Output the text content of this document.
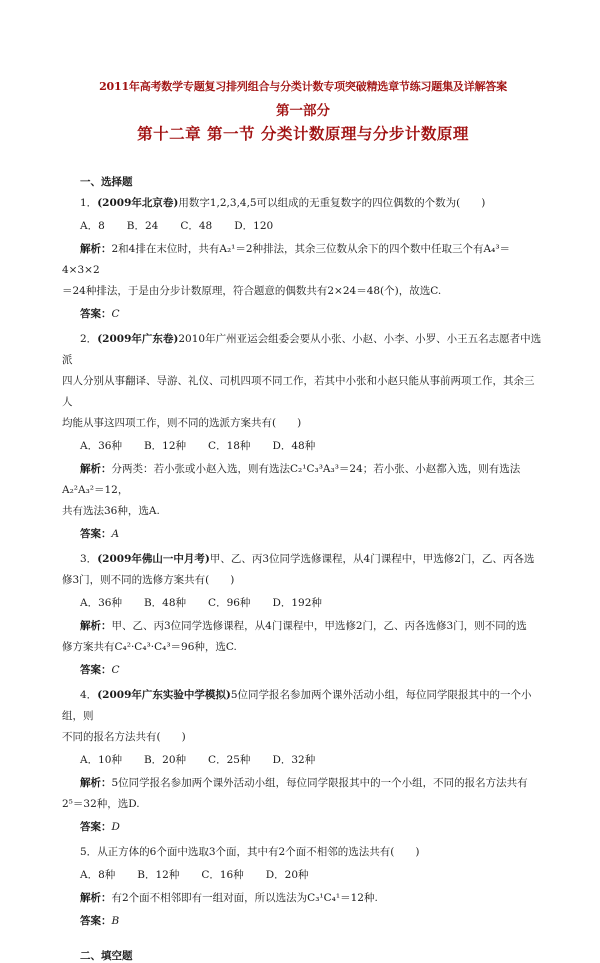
2011年高考数学专题复习排列组合与分类计数专项突破精选章节练习题集及详解答案

第一部分

第十二章 第一节 分类计数原理与分步计数原理

一、选择题

1．(2009年北京卷)用数字1,2,3,4,5可以组成的无重复数字的四位偶数的个数为(　　)

A．8 B．24 C．48 D．120

解析：2和4排在末位时，共有A₂¹＝2种排法，其余三位数从余下的四个数中任取三个有A₄³＝4×3×2

＝24种排法，于是由分步计数原理，符合题意的偶数共有2×24＝48(个)，故选C.

答案：C

2．(2009年广东卷)2010年广州亚运会组委会要从小张、小赵、小李、小罗、小王五名志愿者中选派

四人分别从事翻译、导游、礼仪、司机四项不同工作，若其中小张和小赵只能从事前两项工作，其余三人

均能从事这四项工作，则不同的选派方案共有(　　)

A．36种 B．12种 C．18种 D．48种

解析：分两类：若小张或小赵入选，则有选法C₂¹C₃³A₃³＝24；若小张、小赵都入选，则有选法A₂²A₃²＝12，

共有选法36种，选A.

答案：A

3．(2009年佛山一中月考)甲、乙、丙3位同学选修课程，从4门课程中，甲选修2门，乙、丙各选

修3门，则不同的选修方案共有(　　)

A．36种 B．48种 C．96种 D．192种

解析：甲、乙、丙3位同学选修课程，从4门课程中，甲选修2门，乙、丙各选修3门，则不同的选

修方案共有C₄²·C₄³·C₄³＝96种，选C.

答案：C

4．(2009年广东实验中学模拟)5位同学报名参加两个课外活动小组，每位同学限报其中的一个小组，则

不同的报名方法共有(　　)

A．10种 B．20种 C．25种 D．32种

解析：5位同学报名参加两个课外活动小组，每位同学限报其中的一个小组，不同的报名方法共有

2⁵＝32种，选D.

答案：D

5．从正方体的6个面中选取3个面，其中有2个面不相邻的选法共有(　　)

A．8种 B．12种 C．16种 D．20种

解析：有2个面不相邻即有一组对面，所以选法为C₃¹C₄¹＝12种.

答案：B

二、填空题
